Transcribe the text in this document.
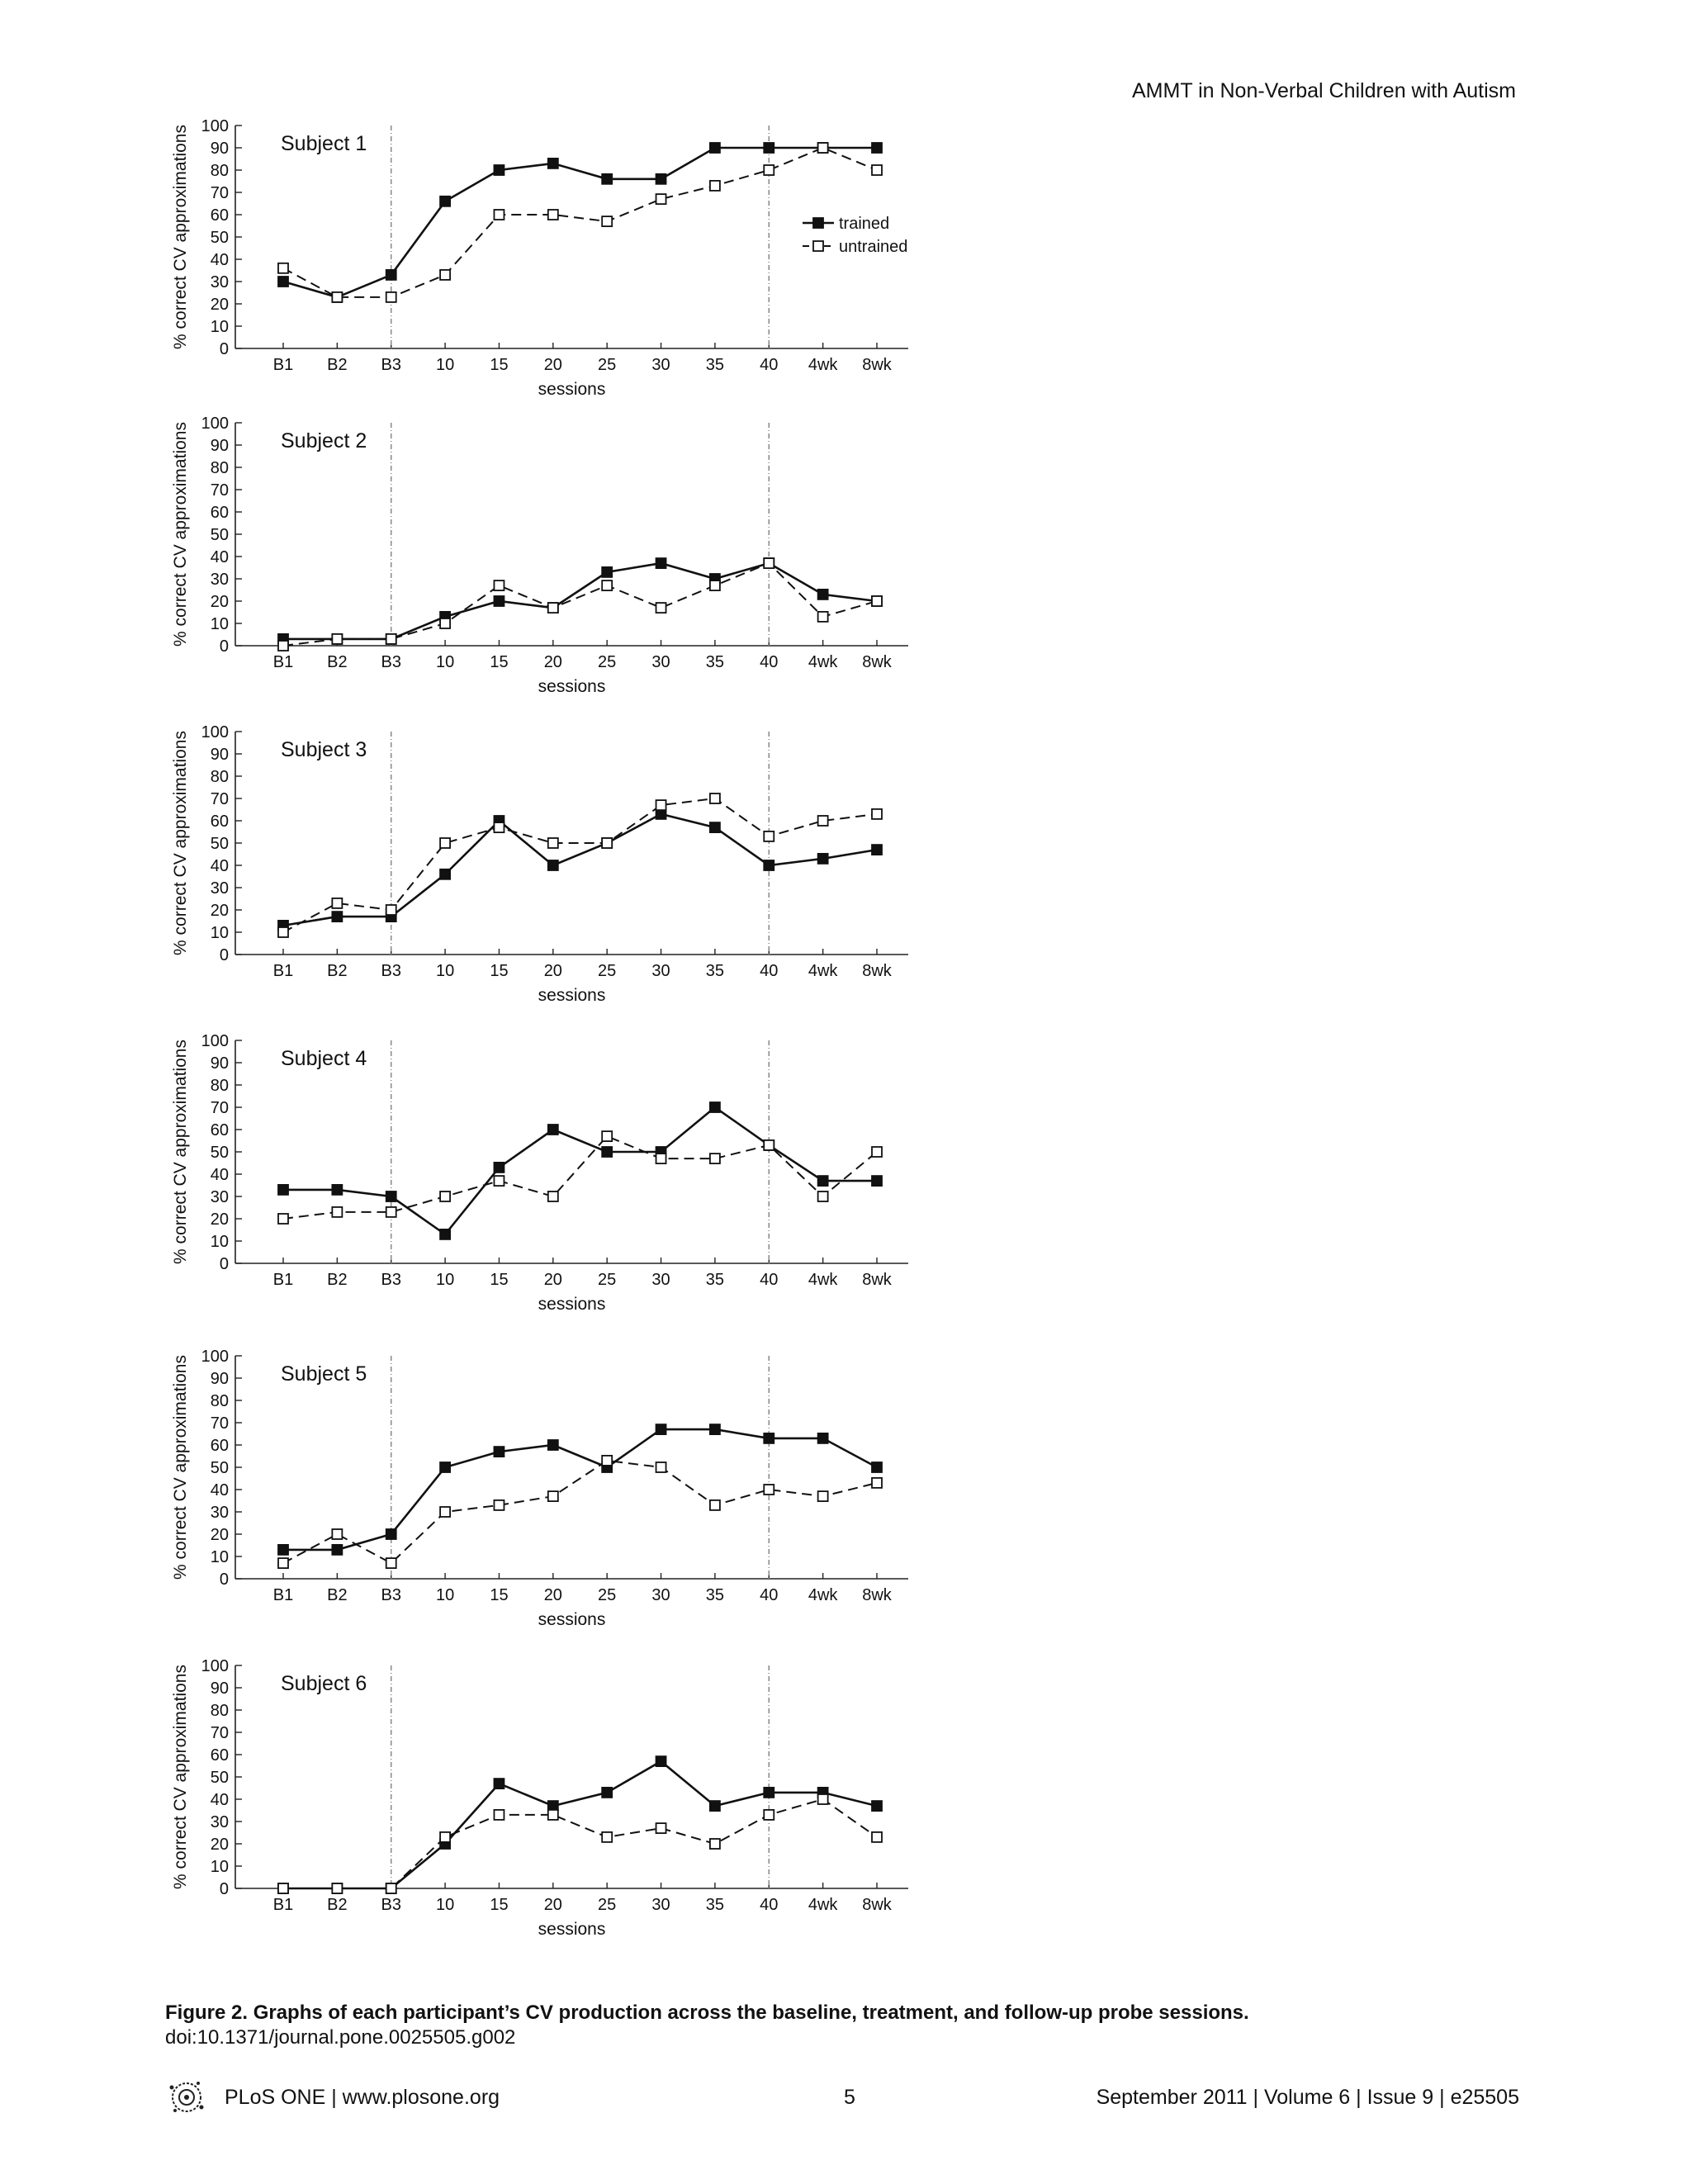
AMMT in Non-Verbal Children with Autism
0
10
20
30
40
50
60
70
80
90
100
B1 B2 B3 10 15 20 25 30 35 40 4wk 8wk
sessions
% correct CV approximations	Subject 1
trained
untrained
0
10
20
30
40
50
60
70
80
90
100
B1 B2 B3 10 15 20 25 30 35 40 4wk 8wk
sessions
% correct CV approximations	Subject 2
0
10
20
30
40
50
60
70
80
90
100
B1 B2 B3 10 15 20 25 30 35 40 4wk 8wk
sessions
% correct CV approximations	Subject 3
0
10
20
30
40
50
60
70
80
90
100
B1 B2 B3 10 15 20 25 30 35 40 4wk 8wk
sessions
% correct CV approximations	Subject 4
0
10
20
30
40
50
60
70
80
90
100
B1 B2 B3 10 15 20 25 30 35 40 4wk 8wk
sessions
% correct CV approximations	Subject 5
0
10
20
30
40
50
60
70
80
90
100
B1 B2 B3 10 15 20 25 30 35 40 4wk 8wk
sessions
% correct CV approximations	Subject 6
Figure 2. Graphs of each participant’s CV production across the baseline, treatment, and follow-up probe sessions.
doi:10.1371/journal.pone.0025505.g002
PLoS ONE | www.plosone.org	5	September 2011 | Volume 6 | Issue 9 | e25505
